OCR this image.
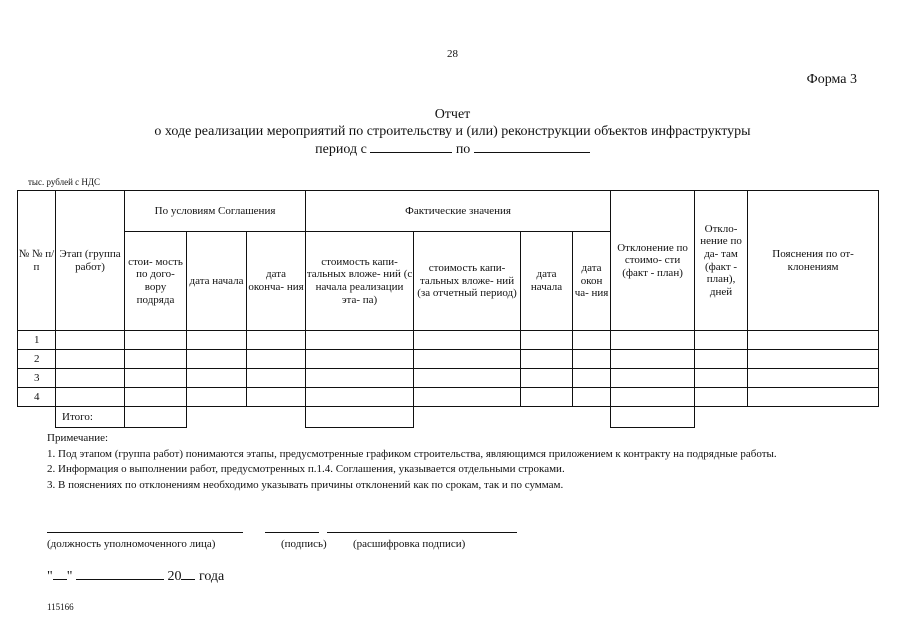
28
Форма 3
Отчет
о ходе реализации мероприятий по строительству и (или) реконструкции объектов инфраструктуры
период с	по
тыс. рублей с НДС
№ № п/п	Этап (группа работ)	По условиям Соглашения			Фактические значения				Отклонение по стоимо- сти (факт - план)	Откло- нение по да- там (факт - план), дней	Пояснения по от- клонениям
		стои- мость по дого- вору подряда	дата начала	дата оконча- ния	стоимость капи- тальных вложе- ний (с начала реализации эта- па)	стоимость капи- тальных вложе- ний (за отчетный период)	дата начала	дата окон ча- ния			
1											
2											
3											
4											
	Итого:										
Примечание:
1. Под этапом (группа работ) понимаются этапы, предусмотренные графиком строительства, являющимся приложением к контракту на подрядные работы.
2. Информация о выполнении работ, предусмотренных п.1.4. Соглашения, указывается отдельными строками.
3. В пояснениях по отклонениям необходимо указывать причины отклонений как по срокам, так и по суммам.
(должность уполномоченного лица)	(подпись) (расшифровка подписи)
" "	20 года
115166
